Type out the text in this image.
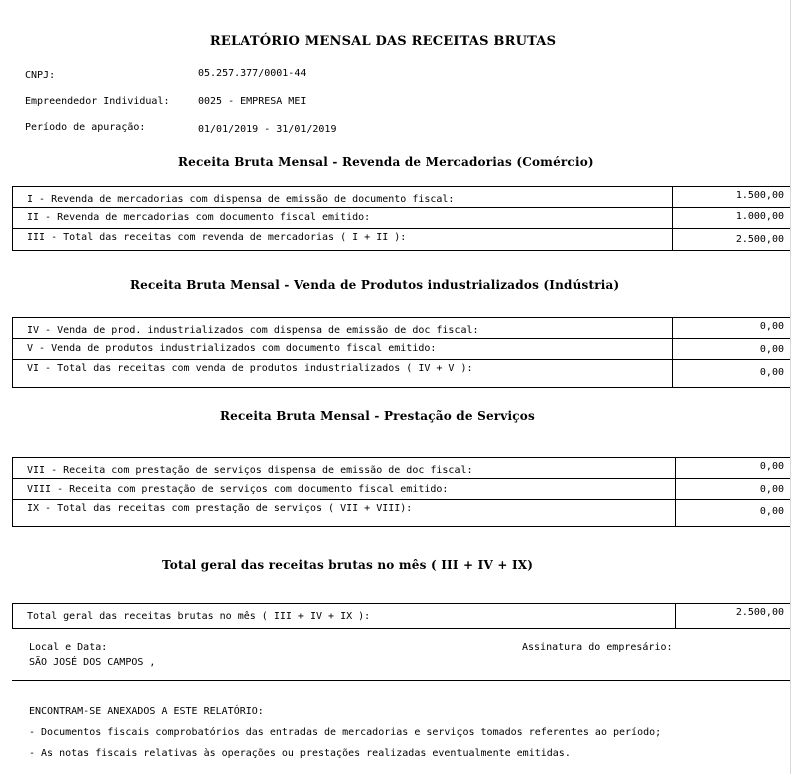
RELATÓRIO MENSAL DAS RECEITAS BRUTAS
CNPJ:	05.257.377/0001-44
Empreendedor Individual:	0025 - EMPRESA MEI
Período de apuração:	01/01/2019 - 31/01/2019
Receita Bruta Mensal - Revenda de Mercadorias (Comércio)
I - Revenda de mercadorias com dispensa de emissão de documento fiscal:	1.500,00
II - Revenda de mercadorias com documento fiscal emitido:	1.000,00
III - Total das receitas com revenda de mercadorias ( I + II ):	2.500,00
Receita Bruta Mensal - Venda de Produtos industrializados (Indústria)
IV - Venda de prod. industrializados com dispensa de emissão de doc fiscal:	0,00
V - Venda de produtos industrializados com documento fiscal emitido:	0,00
VI - Total das receitas com venda de produtos industrializados ( IV + V ):	0,00
Receita Bruta Mensal - Prestação de Serviços
VII - Receita com prestação de serviços dispensa de emissão de doc fiscal:	0,00
VIII - Receita com prestação de serviços com documento fiscal emitido:	0,00
IX - Total das receitas com prestação de serviços ( VII + VIII):	0,00
Total geral das receitas brutas no mês ( III + IV + IX)
Total geral das receitas brutas no mês ( III + IV + IX ):	2.500,00
Local e Data:	Assinatura do empresário:
SÃO JOSÉ DOS CAMPOS ,
ENCONTRAM-SE ANEXADOS A ESTE RELATÓRIO:
- Documentos fiscais comprobatórios das entradas de mercadorias e serviços tomados referentes ao período;
- As notas fiscais relativas às operações ou prestações realizadas eventualmente emitidas.
